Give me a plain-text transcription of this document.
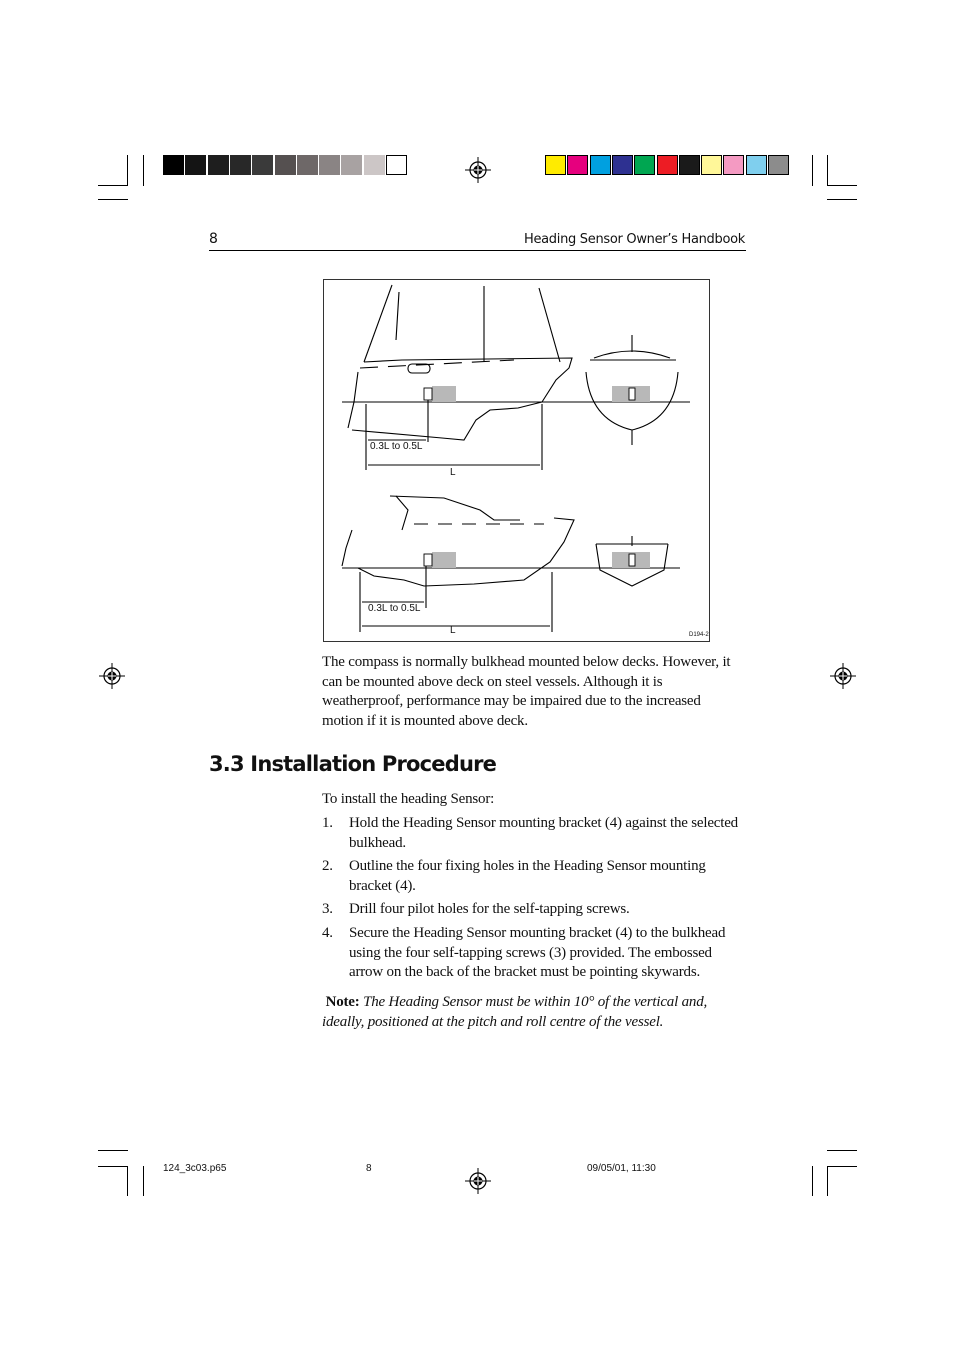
8	Heading Sensor Owner’s Handbook
0.3L to 0.5L
L
0.3L to 0.5L
L	D194-2
The compass is normally bulkhead mounted below decks. However, it can be mounted above deck on steel vessels. Although it is weatherproof, performance may be impaired due to the increased motion if it is mounted above deck.
3.3 Installation Procedure
To install the heading Sensor:
1. Hold the Heading Sensor mounting bracket (4) against the selected bulkhead.
2. Outline the four fixing holes in the Heading Sensor mounting bracket (4).
3. Drill four pilot holes for the self-tapping screws.
4. Secure the Heading Sensor mounting bracket (4) to the bulkhead using the four self-tapping screws (3) provided. The embossed arrow on the back of the bracket must be pointing skywards.
Note: The Heading Sensor must be within 10° of the vertical and, ideally, positioned at the pitch and roll centre of the vessel.
124_3c03.p65	8	09/05/01, 11:30
